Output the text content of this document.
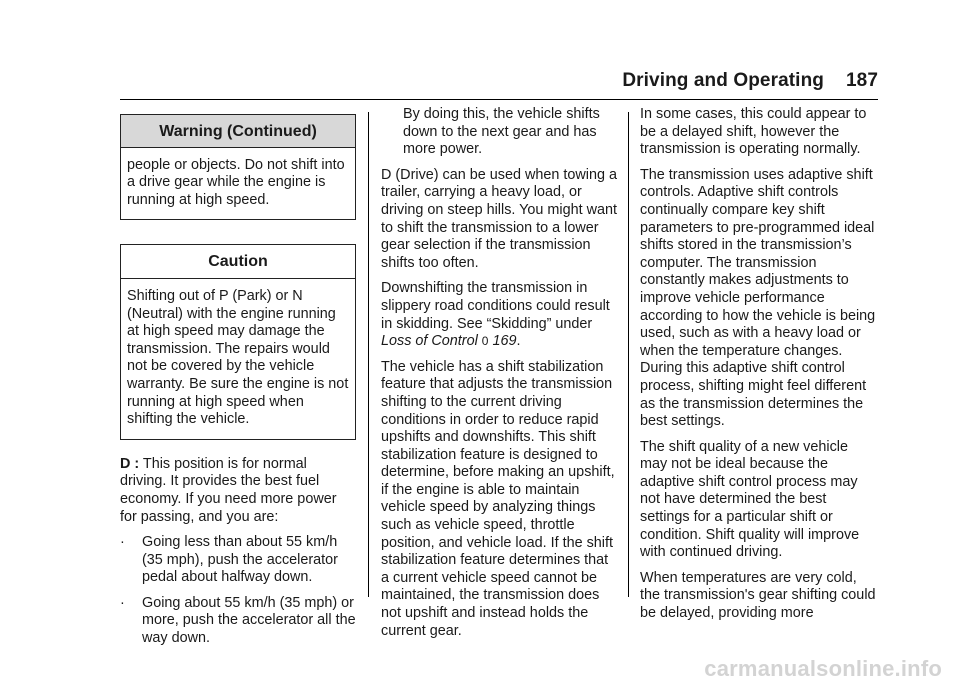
Driving and Operating 187
Warning (Continued)
people or objects. Do not shift into a drive gear while the engine is running at high speed.
Caution
Shifting out of P (Park) or N (Neutral) with the engine running at high speed may damage the transmission. The repairs would not be covered by the vehicle warranty. Be sure the engine is not running at high speed when shifting the vehicle.

D : This position is for normal driving. It provides the best fuel economy. If you need more power for passing, and you are:

· Going less than about 55 km/h (35 mph), push the accelerator pedal about halfway down.
· Going about 55 km/h (35 mph) or more, push the accelerator all the way down.

By doing this, the vehicle shifts down to the next gear and has more power.

D (Drive) can be used when towing a trailer, carrying a heavy load, or driving on steep hills. You might want to shift the transmission to a lower gear selection if the transmission shifts too often.

Downshifting the transmission in slippery road conditions could result in skidding. See “Skidding” under Loss of Control 0 169.

The vehicle has a shift stabilization feature that adjusts the transmission shifting to the current driving conditions in order to reduce rapid upshifts and downshifts. This shift stabilization feature is designed to determine, before making an upshift, if the engine is able to maintain vehicle speed by analyzing things such as vehicle speed, throttle position, and vehicle load. If the shift stabilization feature determines that a current vehicle speed cannot be maintained, the transmission does not upshift and instead holds the current gear.

In some cases, this could appear to be a delayed shift, however the transmission is operating normally.

The transmission uses adaptive shift controls. Adaptive shift controls continually compare key shift parameters to pre-programmed ideal shifts stored in the transmission’s computer. The transmission constantly makes adjustments to improve vehicle performance according to how the vehicle is being used, such as with a heavy load or when the temperature changes. During this adaptive shift control process, shifting might feel different as the transmission determines the best settings.

The shift quality of a new vehicle may not be ideal because the adaptive shift control process may not have determined the best settings for a particular shift or condition. Shift quality will improve with continued driving.

When temperatures are very cold, the transmission's gear shifting could be delayed, providing more

carmanualsonline.info
